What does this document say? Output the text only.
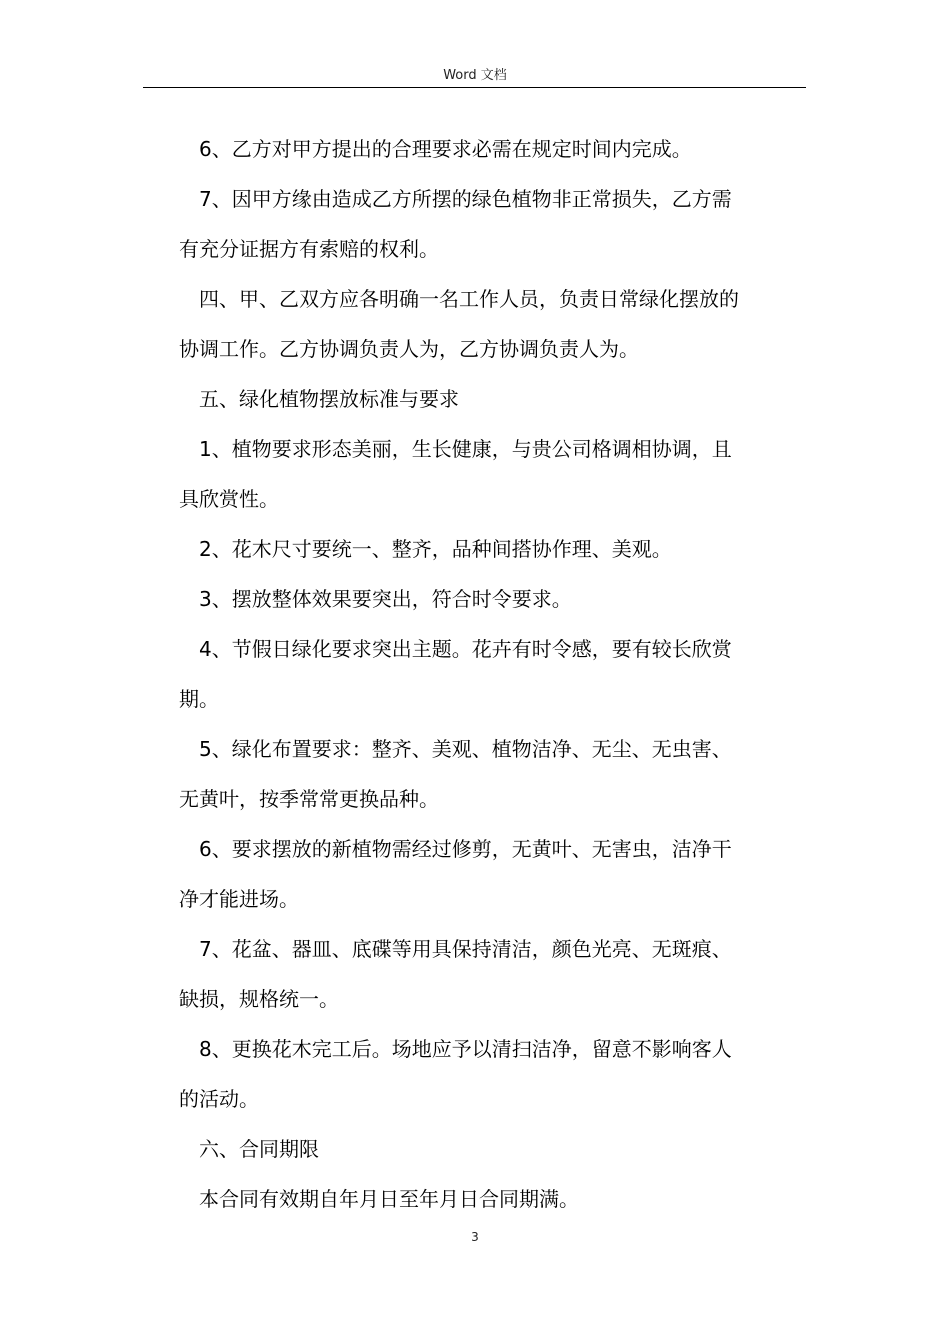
Word 文档

6、乙方对甲方提出的合理要求必需在规定时间内完成。

7、因甲方缘由造成乙方所摆的绿色植物非正常损失，乙方需

有充分证据方有索赔的权利。

四、甲、乙双方应各明确一名工作人员，负责日常绿化摆放的

协调工作。乙方协调负责人为，乙方协调负责人为。

五、绿化植物摆放标准与要求

1、植物要求形态美丽，生长健康，与贵公司格调相协调，且

具欣赏性。

2、花木尺寸要统一、整齐，品种间搭协作理、美观。

3、摆放整体效果要突出，符合时令要求。

4、节假日绿化要求突出主题。花卉有时令感，要有较长欣赏

期。

5、绿化布置要求：整齐、美观、植物洁净、无尘、无虫害、

无黄叶，按季常常更换品种。

6、要求摆放的新植物需经过修剪，无黄叶、无害虫，洁净干

净才能进场。

7、花盆、器皿、底碟等用具保持清洁，颜色光亮、无斑痕、

缺损，规格统一。

8、更换花木完工后。场地应予以清扫洁净，留意不影响客人

的活动。

六、合同期限

本合同有效期自年月日至年月日合同期满。

3
